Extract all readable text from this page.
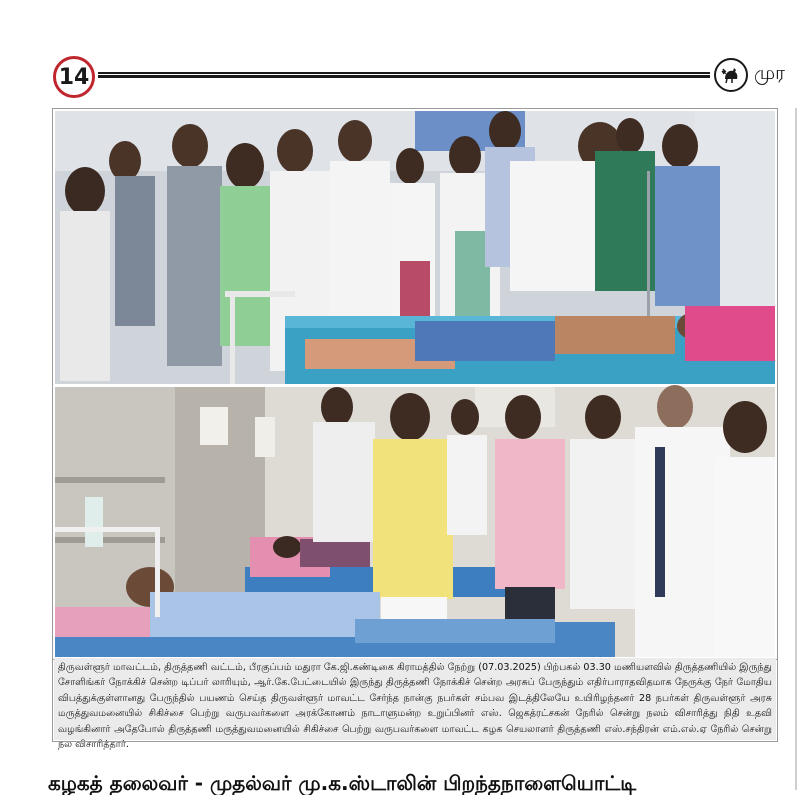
14	முர
திருவள்ளூர் மாவட்டம், திருத்தணி வட்டம், பீரகுப்பம் மதுரா கே.ஜி.கண்டிகை கிராமத்தில் நேற்று (07.03.2025) பிற்பகல் 03.30 மணியளவில் திருத்தணியில் இருந்து சோளிங்கர் நோக்கிச் சென்ற டிப்பர் லாரியும், ஆர்.கே.பேட்டையில் இருந்து திருத்தணி நோக்கிச் சென்ற அரசுப் பேருந்தும் எதிர்பாராதவிதமாக நேருக்கு நேர் மோதிய விபத்துக்குள்ளானது பேருந்தில் பயணம் செய்த திருவள்ளூர் மாவட்ட சேர்ந்த நான்கு நபர்கள் சம்பவ இடத்திலேயே உயிரிழந்தனர் 28 நபர்கள் திருவள்ளூர் அரசு மருத்துவமனையில் சிகிச்சை பெற்று வருபவர்களை அரக்கோணம் நாடாளுமன்ற உறுப்பினர் எஸ். ஜெகத்ரட்சகன் நேரில் சென்று நலம் விசாரித்து நிதி உதவி வழங்கினார் அதேபோல் திருத்தணி மருத்துவமனையில் சிகிச்சை பெற்று வருபவர்களை மாவட்ட கழக செயலாளர் திருத்தணி எஸ்.சந்திரன் எம்.எல்.ஏ நேரில் சென்று நல விசாரித்தார்.
கழகத் தலைவர் - முதல்வர் மு.க.ஸ்டாலின் பிறந்தநாளையொட்டி
